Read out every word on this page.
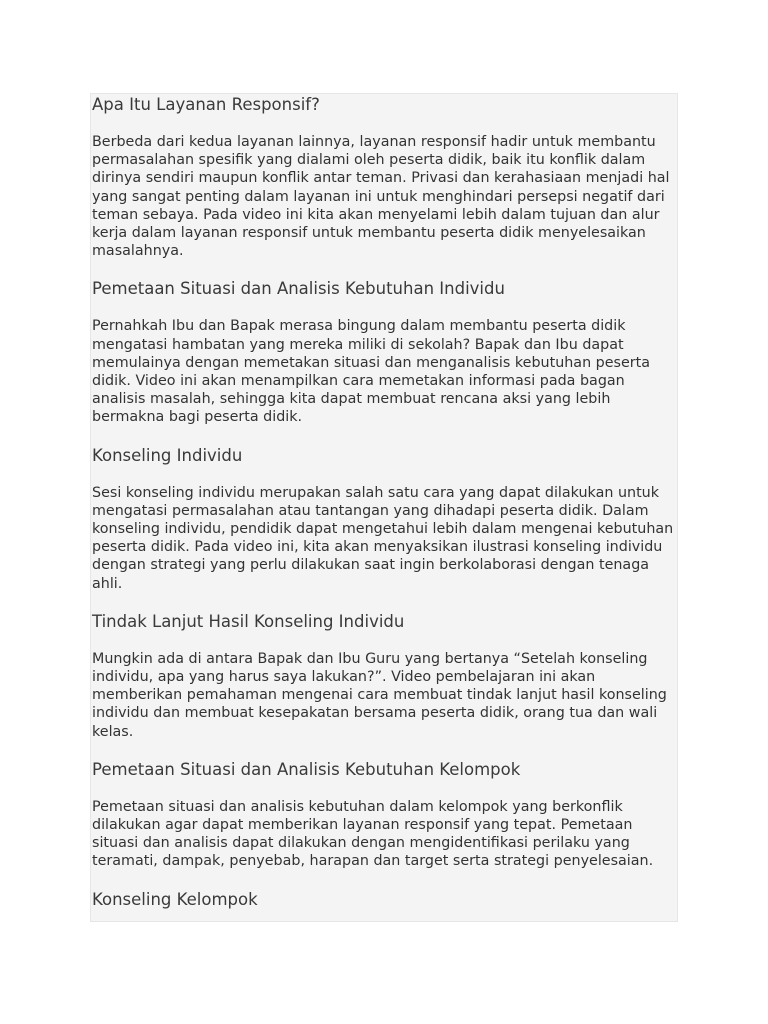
Apa Itu Layanan Responsif?

Berbeda dari kedua layanan lainnya, layanan responsif hadir untuk membantu permasalahan spesifik yang dialami oleh peserta didik, baik itu konflik dalam dirinya sendiri maupun konflik antar teman. Privasi dan kerahasiaan menjadi hal yang sangat penting dalam layanan ini untuk menghindari persepsi negatif dari teman sebaya. Pada video ini kita akan menyelami lebih dalam tujuan dan alur kerja dalam layanan responsif untuk membantu peserta didik menyelesaikan masalahnya.

Pemetaan Situasi dan Analisis Kebutuhan Individu

Pernahkah Ibu dan Bapak merasa bingung dalam membantu peserta didik mengatasi hambatan yang mereka miliki di sekolah? Bapak dan Ibu dapat memulainya dengan memetakan situasi dan menganalisis kebutuhan peserta didik. Video ini akan menampilkan cara memetakan informasi pada bagan analisis masalah, sehingga kita dapat membuat rencana aksi yang lebih bermakna bagi peserta didik.

Konseling Individu

Sesi konseling individu merupakan salah satu cara yang dapat dilakukan untuk mengatasi permasalahan atau tantangan yang dihadapi peserta didik. Dalam konseling individu, pendidik dapat mengetahui lebih dalam mengenai kebutuhan peserta didik. Pada video ini, kita akan menyaksikan ilustrasi konseling individu dengan strategi yang perlu dilakukan saat ingin berkolaborasi dengan tenaga ahli.

Tindak Lanjut Hasil Konseling Individu

Mungkin ada di antara Bapak dan Ibu Guru yang bertanya “Setelah konseling individu, apa yang harus saya lakukan?”. Video pembelajaran ini akan memberikan pemahaman mengenai cara membuat tindak lanjut hasil konseling individu dan membuat kesepakatan bersama peserta didik, orang tua dan wali kelas.

Pemetaan Situasi dan Analisis Kebutuhan Kelompok

Pemetaan situasi dan analisis kebutuhan dalam kelompok yang berkonflik dilakukan agar dapat memberikan layanan responsif yang tepat. Pemetaan situasi dan analisis dapat dilakukan dengan mengidentifikasi perilaku yang teramati, dampak, penyebab, harapan dan target serta strategi penyelesaian.

Konseling Kelompok
